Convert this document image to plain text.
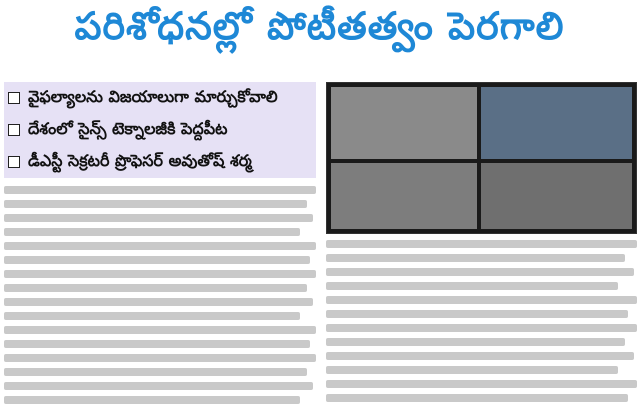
పరిశోధనల్లో పోటీతత్వం పెరగాలి
వైఫల్యాలను విజయాలుగా మార్చుకోవాలి
దేశంలో సైన్స్ టెక్నాలజీకి పెద్దపీట
డీఎస్టీ సెక్రటరీ ప్రొఫెసర్ అవుతోష్ శర్మ
